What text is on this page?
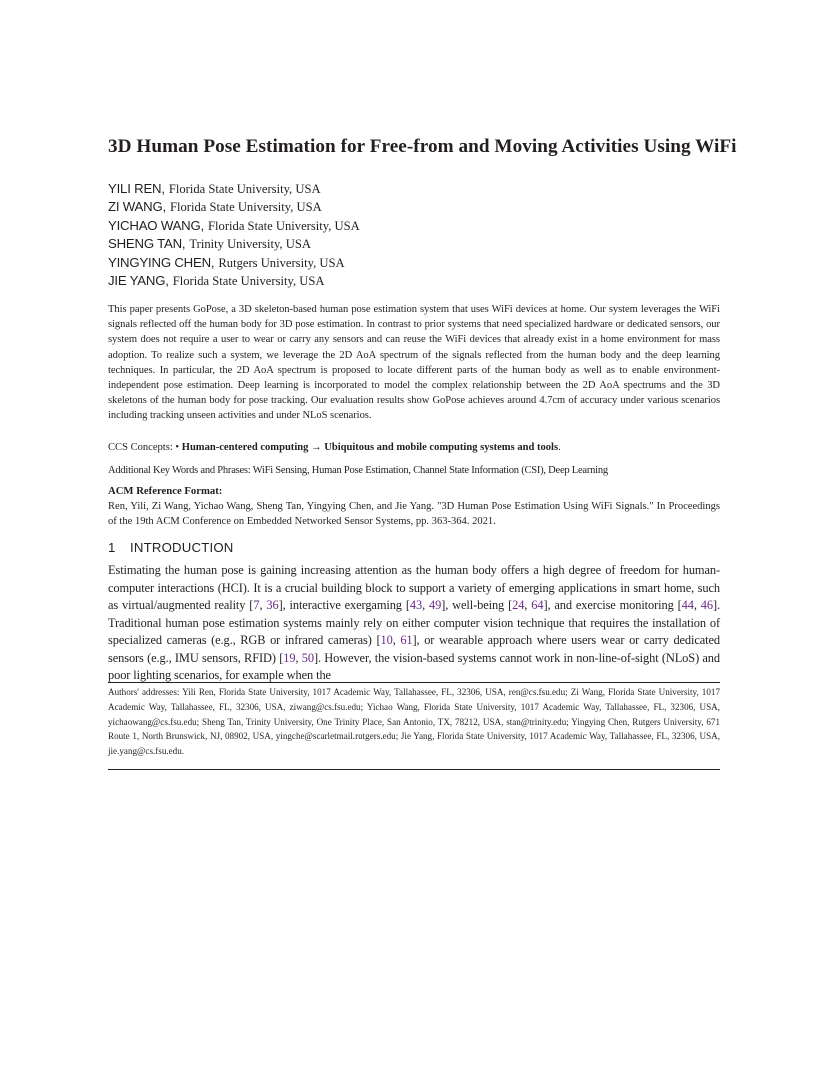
3D Human Pose Estimation for Free-from and Moving Activities Using WiFi
YILI REN, Florida State University, USA
ZI WANG, Florida State University, USA
YICHAO WANG, Florida State University, USA
SHENG TAN, Trinity University, USA
YINGYING CHEN, Rutgers University, USA
JIE YANG, Florida State University, USA
This paper presents GoPose, a 3D skeleton-based human pose estimation system that uses WiFi devices at home. Our system leverages the WiFi signals reflected off the human body for 3D pose estimation. In contrast to prior systems that need specialized hardware or dedicated sensors, our system does not require a user to wear or carry any sensors and can reuse the WiFi devices that already exist in a home environment for mass adoption. To realize such a system, we leverage the 2D AoA spectrum of the signals reflected from the human body and the deep learning techniques. In particular, the 2D AoA spectrum is proposed to locate different parts of the human body as well as to enable environment-independent pose estimation. Deep learning is incorporated to model the complex relationship between the 2D AoA spectrums and the 3D skeletons of the human body for pose tracking. Our evaluation results show GoPose achieves around 4.7cm of accuracy under various scenarios including tracking unseen activities and under NLoS scenarios.
CCS Concepts: • Human-centered computing → Ubiquitous and mobile computing systems and tools.
Additional Key Words and Phrases: WiFi Sensing, Human Pose Estimation, Channel State Information (CSI), Deep Learning
ACM Reference Format:
Ren, Yili, Zi Wang, Yichao Wang, Sheng Tan, Yingying Chen, and Jie Yang. "3D Human Pose Estimation Using WiFi Signals." In Proceedings of the 19th ACM Conference on Embedded Networked Sensor Systems, pp. 363-364. 2021.
1 INTRODUCTION
Estimating the human pose is gaining increasing attention as the human body offers a high degree of freedom for human-computer interactions (HCI). It is a crucial building block to support a variety of emerging applications in smart home, such as virtual/augmented reality [7, 36], interactive exergaming [43, 49], well-being [24, 64], and exercise monitoring [44, 46]. Traditional human pose estimation systems mainly rely on either computer vision technique that requires the installation of specialized cameras (e.g., RGB or infrared cameras) [10, 61], or wearable approach where users wear or carry dedicated sensors (e.g., IMU sensors, RFID) [19, 50]. However, the vision-based systems cannot work in non-line-of-sight (NLoS) and poor lighting scenarios, for example when the
Authors' addresses: Yili Ren, Florida State University, 1017 Academic Way, Tallahassee, FL, 32306, USA, ren@cs.fsu.edu; Zi Wang, Florida State University, 1017 Academic Way, Tallahassee, FL, 32306, USA, ziwang@cs.fsu.edu; Yichao Wang, Florida State University, 1017 Academic Way, Tallahassee, FL, 32306, USA, yichaowang@cs.fsu.edu; Sheng Tan, Trinity University, One Trinity Place, San Antonio, TX, 78212, USA, stan@trinity.edu; Yingying Chen, Rutgers University, 671 Route 1, North Brunswick, NJ, 08902, USA, yingche@scarletmail.rutgers.edu; Jie Yang, Florida State University, 1017 Academic Way, Tallahassee, FL, 32306, USA, jie.yang@cs.fsu.edu.
